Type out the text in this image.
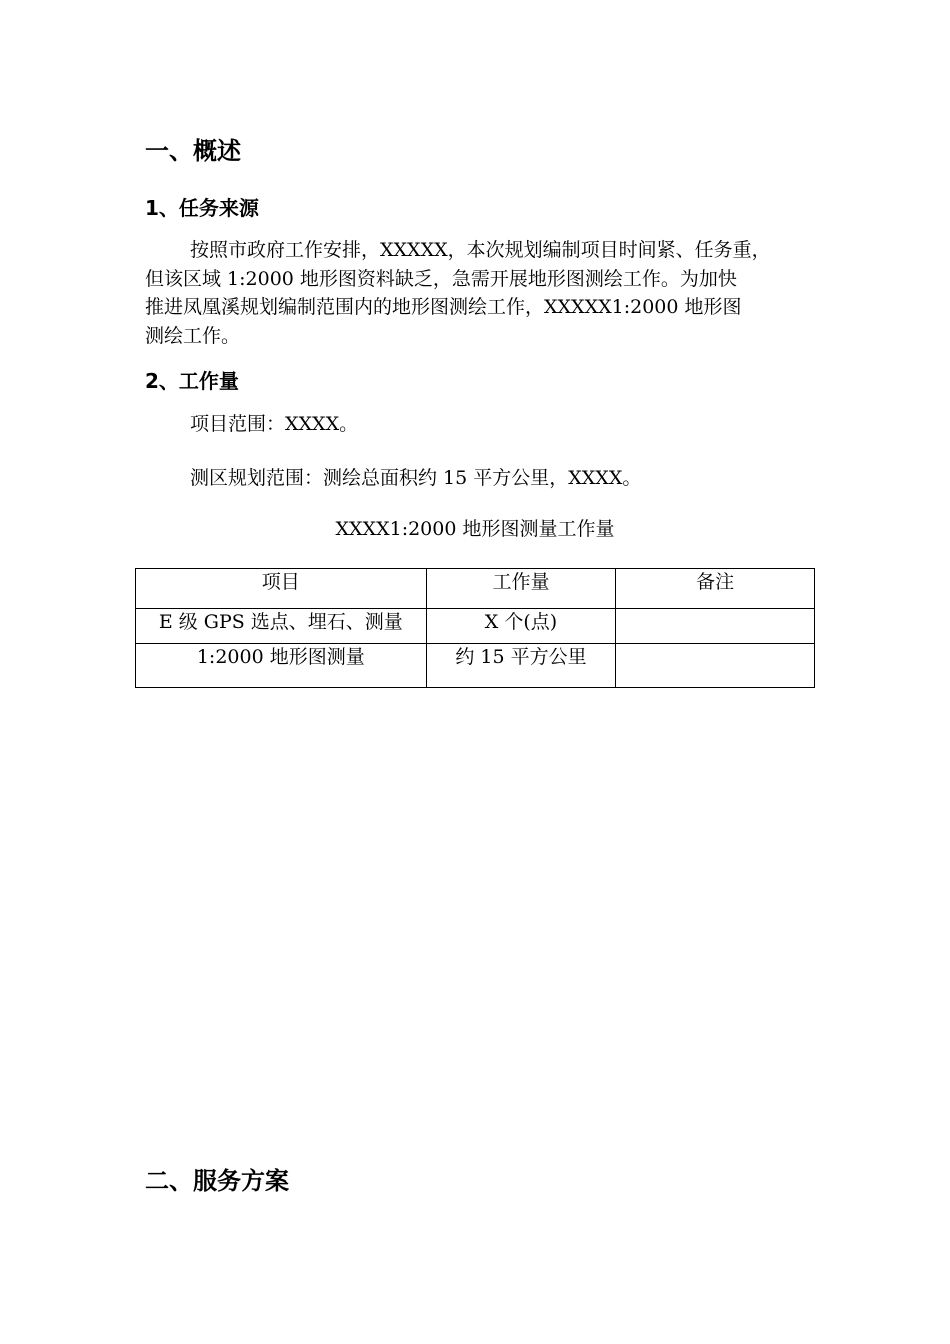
一、概述
1、任务来源

按照市政府工作安排，XXXXX，本次规划编制项目时间紧、任务重，
但该区域 1:2000 地形图资料缺乏，急需开展地形图测绘工作。为加快
推进凤凰溪规划编制范围内的地形图测绘工作，XXXXX1:2000 地形图
测绘工作。

2、工作量

项目范围：XXXX。

测区规划范围：测绘总面积约 15 平方公里，XXXX。

XXXX1:2000 地形图测量工作量

项目	工作量	备注
E 级 GPS 选点、埋石、测量	X 个(点)	
1:2000 地形图测量	约 15 平方公里	
二、服务方案
